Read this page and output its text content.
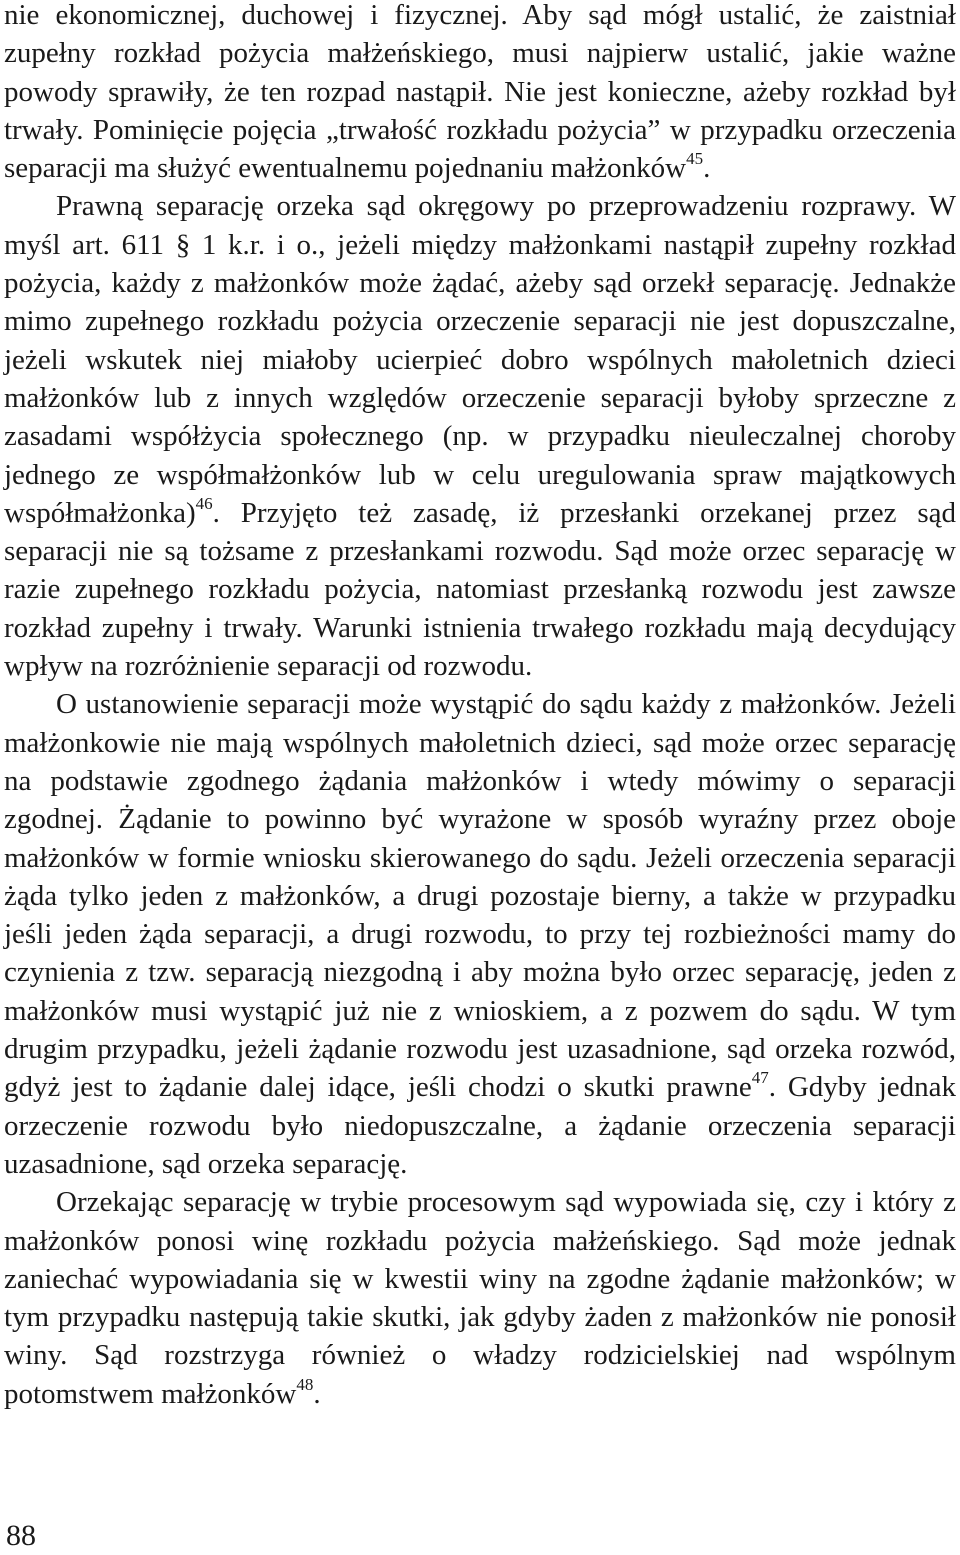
nie ekonomicznej, duchowej i fizycznej. Aby sąd mógł ustalić, że zaistniał zupełny rozkład pożycia małżeńskiego, musi najpierw ustalić, jakie ważne powody sprawiły, że ten rozpad nastąpił. Nie jest konieczne, ażeby rozkład był trwały. Pominięcie pojęcia „trwałość rozkładu pożycia” w przypadku orzeczenia separacji ma służyć ewentualnemu pojednaniu małżonków$^{45}$.

Prawną separację orzeka sąd okręgowy po przeprowadzeniu rozprawy. W myśl art. 611 § 1 k.r. i o., jeżeli między małżonkami nastąpił zupełny rozkład pożycia, każdy z małżonków może żądać, ażeby sąd orzekł separację. Jednakże mimo zupełnego rozkładu pożycia orzeczenie separacji nie jest dopuszczalne, jeżeli wskutek niej miałoby ucierpieć dobro wspólnych małoletnich dzieci małżonków lub z innych względów orzeczenie separacji byłoby sprzeczne z zasadami współżycia społecznego (np. w przypadku nieuleczalnej choroby jednego ze współmałżonków lub w celu uregulowania spraw majątkowych współmałżonka)$^{46}$. Przyjęto też zasadę, iż przesłanki orzekanej przez sąd separacji nie są tożsame z przesłankami rozwodu. Sąd może orzec separację w razie zupełnego rozkładu pożycia, natomiast przesłanką rozwodu jest zawsze rozkład zupełny i trwały. Warunki istnienia trwałego rozkładu mają decydujący wpływ na rozróżnienie separacji od rozwodu.

O ustanowienie separacji może wystąpić do sądu każdy z małżonków. Jeżeli małżonkowie nie mają wspólnych małoletnich dzieci, sąd może orzec separację na podstawie zgodnego żądania małżonków i wtedy mówimy o separacji zgodnej. Żądanie to powinno być wyrażone w sposób wyraźny przez oboje małżonków w formie wniosku skierowanego do sądu. Jeżeli orzeczenia separacji żąda tylko jeden z małżonków, a drugi pozostaje bierny, a także w przypadku jeśli jeden żąda separacji, a drugi rozwodu, to przy tej rozbieżności mamy do czynienia z tzw. separacją niezgodną i aby można było orzec separację, jeden z małżonków musi wystąpić już nie z wnioskiem, a z pozwem do sądu. W tym drugim przypadku, jeżeli żądanie rozwodu jest uzasadnione, sąd orzeka rozwód, gdyż jest to żądanie dalej idące, jeśli chodzi o skutki prawne$^{47}$. Gdyby jednak orzeczenie rozwodu było niedopuszczalne, a żądanie orzeczenia separacji uzasadnione, sąd orzeka separację.

Orzekając separację w trybie procesowym sąd wypowiada się, czy i który z małżonków ponosi winę rozkładu pożycia małżeńskiego. Sąd może jednak zaniechać wypowiadania się w kwestii winy na zgodne żądanie małżonków; w tym przypadku następują takie skutki, jak gdyby żaden z małżonków nie ponosił winy. Sąd rozstrzyga również o władzy rodzicielskiej nad wspólnym potomstwem małżonków$^{48}$.

88
